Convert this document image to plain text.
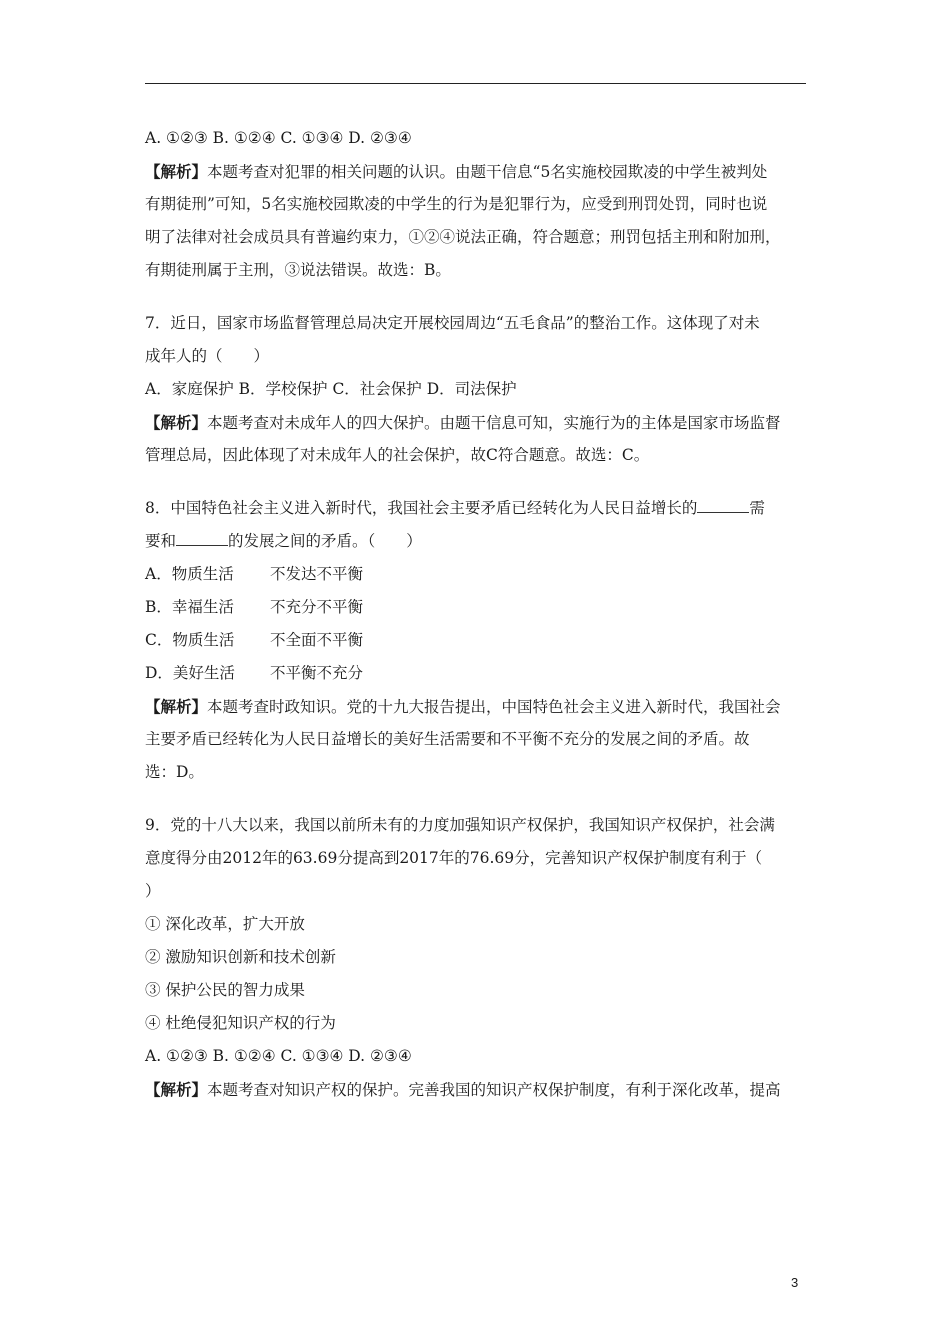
A. ①②③ B. ①②④ C. ①③④ D. ②③④
【解析】本题考查对犯罪的相关问题的认识。由题干信息“5名实施校园欺凌的中学生被判处
有期徒刑”可知，5名实施校园欺凌的中学生的行为是犯罪行为，应受到刑罚处罚，同时也说
明了法律对社会成员具有普遍约束力，①②④说法正确，符合题意；刑罚包括主刑和附加刑，
有期徒刑属于主刑，③说法错误。故选：B。
7．近日，国家市场监督管理总局决定开展校园周边“五毛食品”的整治工作。这体现了对未
成年人的（　　）
A．家庭保护 B．学校保护 C．社会保护 D．司法保护
【解析】本题考查对未成年人的四大保护。由题干信息可知，实施行为的主体是国家市场监督
管理总局，因此体现了对未成年人的社会保护，故C符合题意。故选：C。
8．中国特色社会主义进入新时代，我国社会主要矛盾已经转化为人民日益增长的	需
要和	的发展之间的矛盾。（　　）
A．物质生活	不发达不平衡
B．幸福生活	不充分不平衡
C．物质生活	不全面不平衡
D．美好生活	不平衡不充分
【解析】本题考查时政知识。党的十九大报告提出，中国特色社会主义进入新时代，我国社会
主要矛盾已经转化为人民日益增长的美好生活需要和不平衡不充分的发展之间的矛盾。故
选：D。
9．党的十八大以来，我国以前所未有的力度加强知识产权保护，我国知识产权保护，社会满
意度得分由2012年的63.69分提高到2017年的76.69分，完善知识产权保护制度有利于（
）
① 深化改革，扩大开放
② 激励知识创新和技术创新
③ 保护公民的智力成果
④ 杜绝侵犯知识产权的行为
A. ①②③ B. ①②④ C. ①③④ D. ②③④
【解析】本题考查对知识产权的保护。完善我国的知识产权保护制度，有利于深化改革，提高
3
